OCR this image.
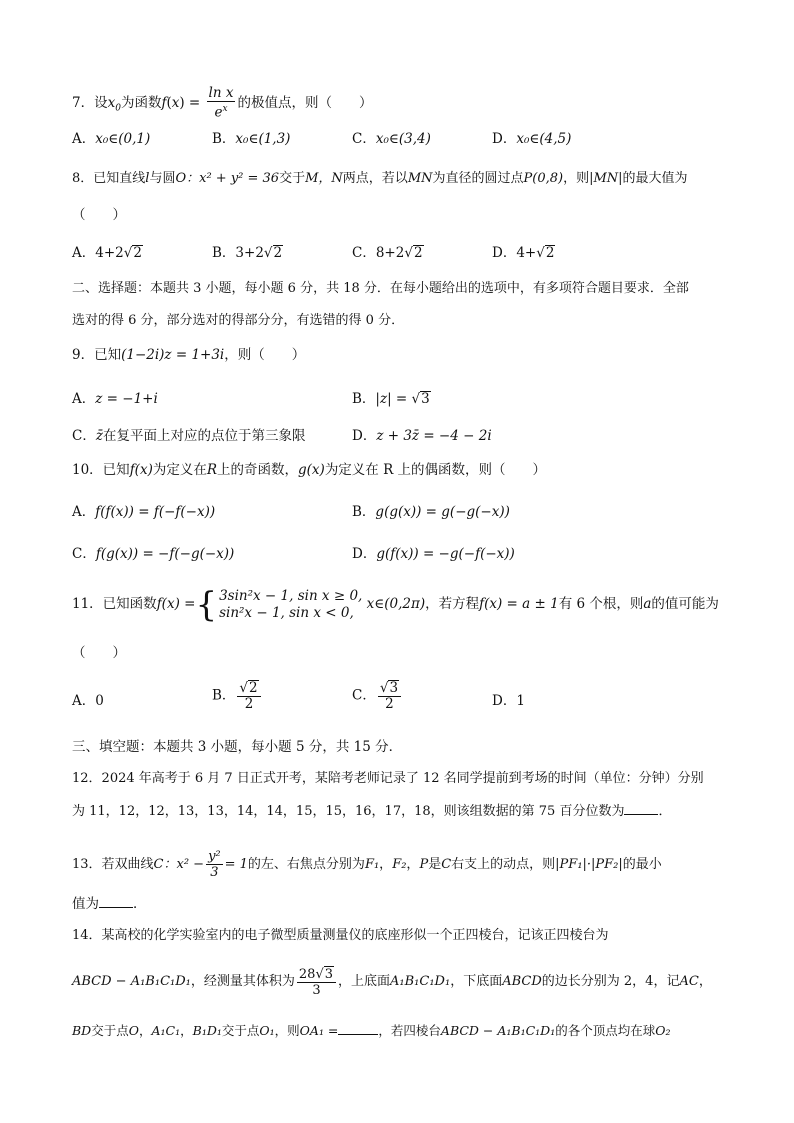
7．设$x_0$为函数$f(x) = \frac{\text{ln x}}{e^x}$ 的极值点，则（　　）
A．x₀∈(0,1)	B．x₀∈(1,3)	C．x₀∈(3,4)	D．x₀∈(4,5)
8．已知直线l与圆O：x² + y² = 36交于M，N两点，若以MN为直径的圆过点P(0,8)，则|MN|的最大值为
（　　）
A．4+2√2	B．3+2√2	C．8+2√2	D．4+√2
二、选择题：本题共 3 小题，每小题 6 分，共 18 分．在每小题给出的选项中，有多项符合题目要求．全部
选对的得 6 分，部分选对的得部分分，有选错的得 0 分．
9．已知(1−2i)z = 1+3i，则（　　）
A．z = −1+i	B．|z| = √3
C．z̄在复平面上对应的点位于第三象限	D．z + 3z̄ = −4 − 2i
10．已知f(x)为定义在R上的奇函数，g(x)为定义在 R 上的偶函数，则（　　）
A．f(f(x)) = f(−f(−x))	B．g(g(x)) = g(−g(−x))
C．f(g(x)) = −f(−g(−x))	D．g(f(x)) = −g(−f(−x))
11．已知函数f(x) ={ 3sin²x − 1, sin x ≥ 0,
sin²x − 1, sin x < 0,
x∈(0,2π)，若方程f(x) = a ± 1有 6 个根，则a的值可能为
（　　）
A．0	B． $\frac{√2}{2}$	C． $\frac{√3}{2}$	D．1
三、填空题：本题共 3 小题，每小题 5 分，共 15 分．
12．2024 年高考于 6 月 7 日正式开考，某陪考老师记录了 12 名同学提前到考场的时间（单位：分钟）分别
为 11，12，12，13，13，14，14，15，15，16，17，18，则该组数据的第 75 百分位数为	．
13．若双曲线C：$x^2 - \frac{\text{y²}}{3} = 1$的左、右焦点分别为F₁，F₂，P是C右支上的动点，则|PF₁|·|PF₂|的最小
值为	．
14．某高校的化学实验室内的电子微型质量测量仪的底座形似一个正四棱台，记该正四棱台为
ABCD − A₁B₁C₁D₁，经测量其体积为 $\frac{28√3}{3}$ ，上底面A₁B₁C₁D₁，下底面ABCD的边长分别为 2，4，记AC，
BD交于点O，A₁C₁，B₁D₁交于点O₁，则OA₁ =	，若四棱台ABCD − A₁B₁C₁D₁的各个顶点均在球O₂
